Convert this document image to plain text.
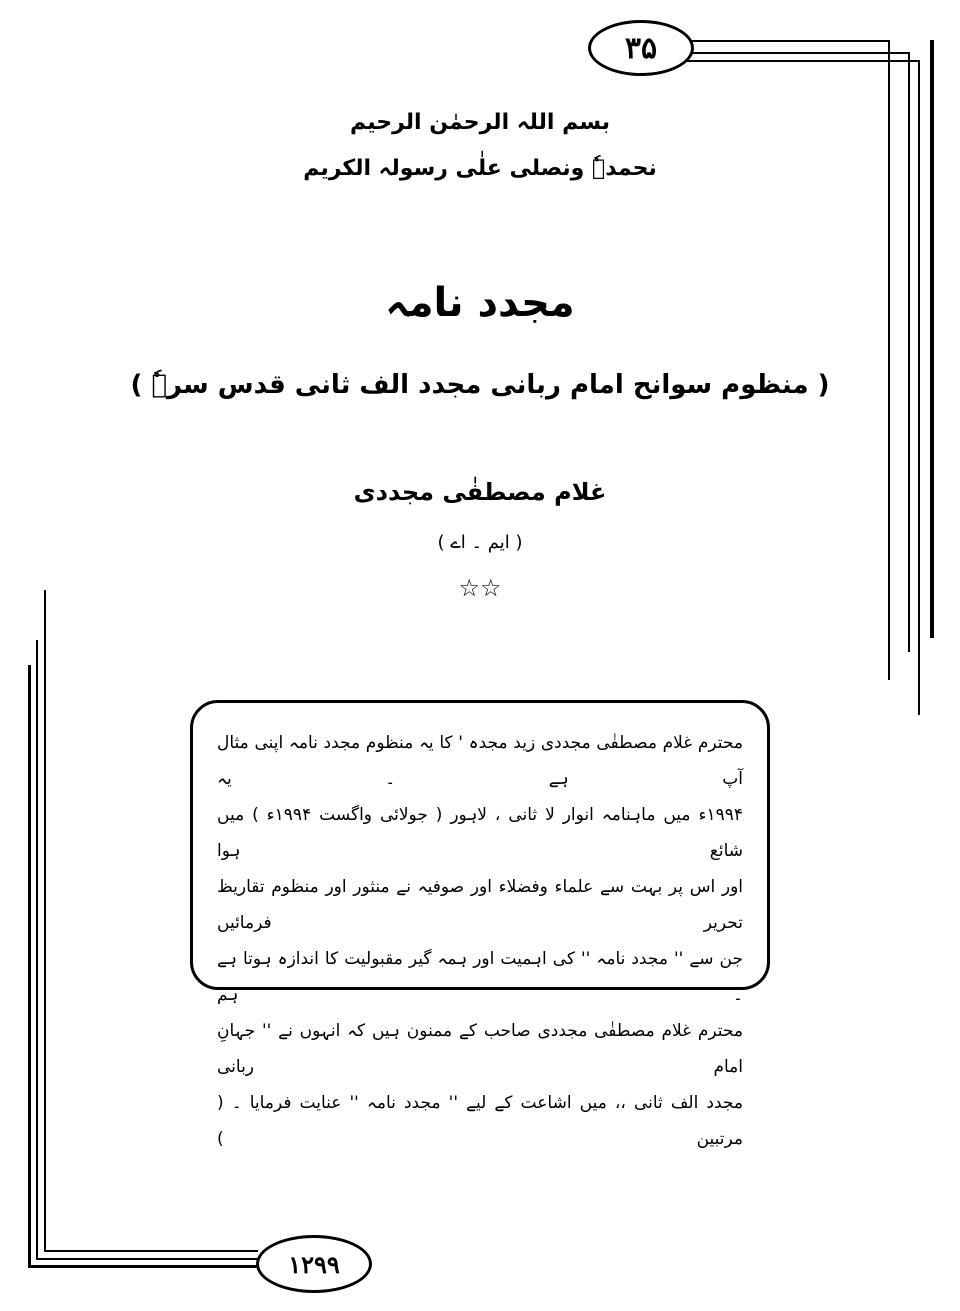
۳۵
۱۲۹۹
بسم اللہ الرحمٰن الرحیم
نحمدہٗ ونصلی علٰی رسولہ الکریم
مجدد نامہ
( منظوم سوانح امام ربانی مجدد الف ثانی قدس سرہٗ )
غلام مصطفٰی مجددی
( ایم ۔ اے )
☆☆

محترم غلام مصطفٰی مجددی زید مجدہ ' کا یہ منظوم مجدد نامہ اپنی مثال آپ ہے ۔ یہ

۱۹۹۴ء میں ماہنامہ انوار لا ثانی ، لاہور ( جولائی واگست ۱۹۹۴ء ) میں شائع ہوا

اور اس پر بہت سے علماء وفضلاء اور صوفیہ نے منثور اور منظوم تقاریظ تحریر فرمائیں

جن سے '' مجدد نامہ '' کی اہمیت اور ہمہ گیر مقبولیت کا اندازہ ہوتا ہے ۔ ہم

محترم غلام مصطفٰی مجددی صاحب کے ممنون ہیں کہ انہوں نے '' جہانِ امام ربانی

مجدد الف ثانی ،، میں اشاعت کے لیے '' مجدد نامہ '' عنایت فرمایا ۔ ( مرتبین )
